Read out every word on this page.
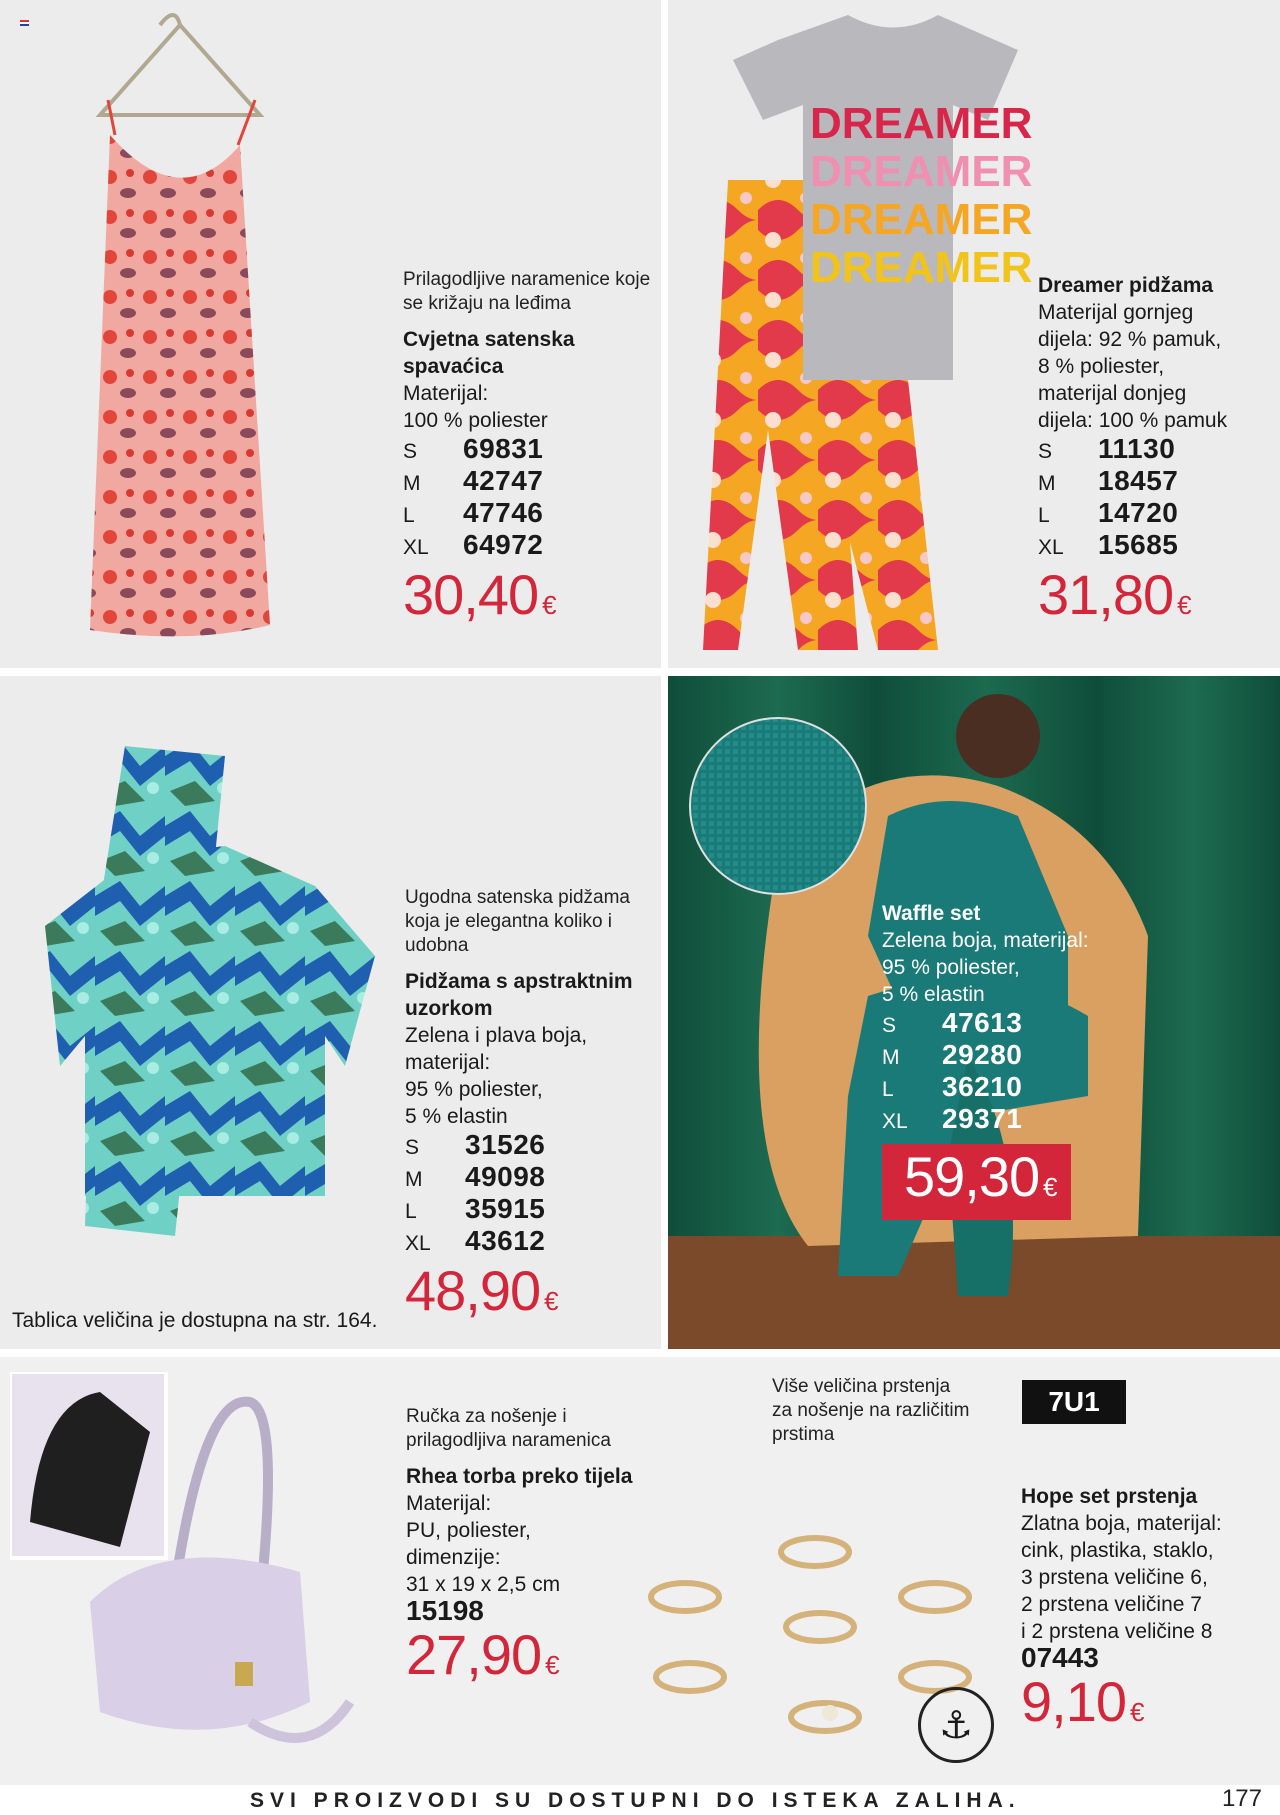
Prilagodljive naramenice koje se križaju na leđima
Cvjetna satenska spavaćica
Materijal:
100 % poliester
S	69831
M	42747
L	47746
XL	64972
30,40 €
DREAMER
DREAMER
DREAMER
DREAMER Dreamer pidžama
Materijal gornjeg
dijela: 92 % pamuk,
8 % poliester,
materijal donjeg
dijela: 100 % pamuk
S	11130
M	18457
L	14720
XL	15685
31,80 €
Ugodna satenska pidžama koja je elegantna koliko i udobna
Pidžama s apstraktnim uzorkom
Zelena i plava boja,
materijal:
95 % poliester,
5 % elastin
S	31526
M	49098
L	35915
XL	43612
48,90 €
Tablica veličina je dostupna na str. 164.
Waffle set
Zelena boja, materijal:
95 % poliester,
5 % elastin
S	47613
M	29280
L	36210
XL	29371
59,30 €
Ručka za nošenje i prilagodljiva naramenica
Rhea torba preko tijela
Materijal:
PU, poliester,
dimenzije:
31 x 19 x 2,5 cm
15198
27,90 €
Više veličina prstenja za nošenje na različitim prstima
⚓
Hope set prstenja
Zlatna boja, materijal:
cink, plastika, staklo,
3 prstena veličine 6,
2 prstena veličine 7
i 2 prstena veličine 8
07443
9,10 €
7U1
SVI PROIZVODI SU DOSTUPNI DO ISTEKA ZALIHA.	177
